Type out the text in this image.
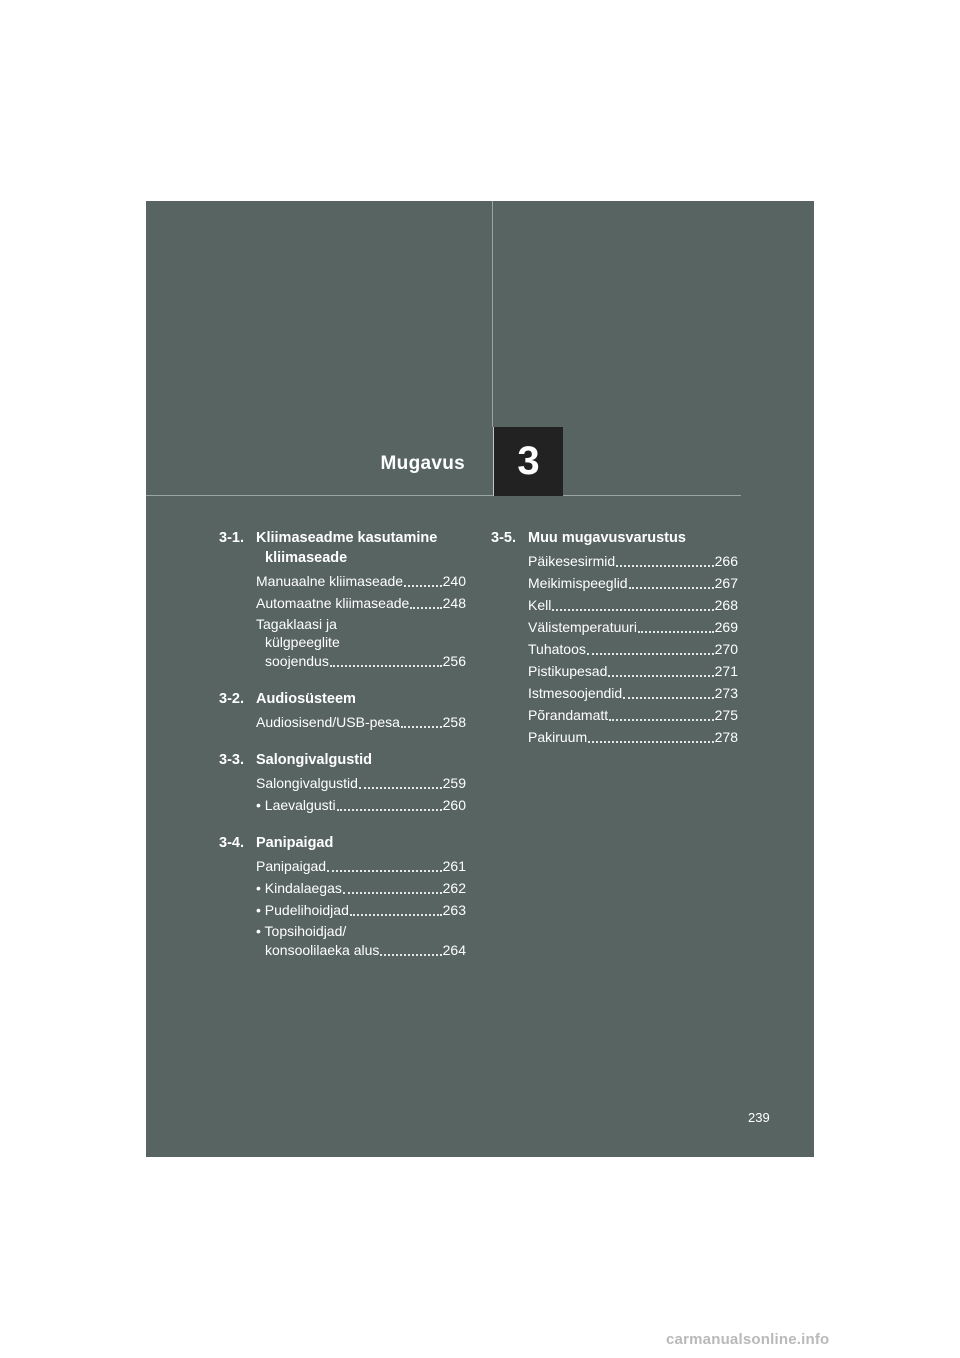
Mugavus 3
3-1. Kliimaseadme kasutamine
kliimaseade
Manuaalne kliimaseade	240
Automaatne kliimaseade 248
Tagaklaasi ja
külgpeeglite
soojendus	256
3-2. Audiosüsteem
Audiosisend/USB-pesa	258
3-3. Salongivalgustid
Salongivalgustid	259
• Laevalgusti	260
3-4. Panipaigad
Panipaigad	261
• Kindalaegas	262
• Pudelihoidjad	263
• Topsihoidjad/
konsoolilaeka alus	264
3-5. Muu mugavusvarustus
Päikesesirmid	266
Meikimispeeglid	267
Kell	268
Välistemperatuuri	269
Tuhatoos	270
Pistikupesad	271
Istmesoojendid	273
Põrandamatt	275
Pakiruum	278
239
carmanualsonline.info
